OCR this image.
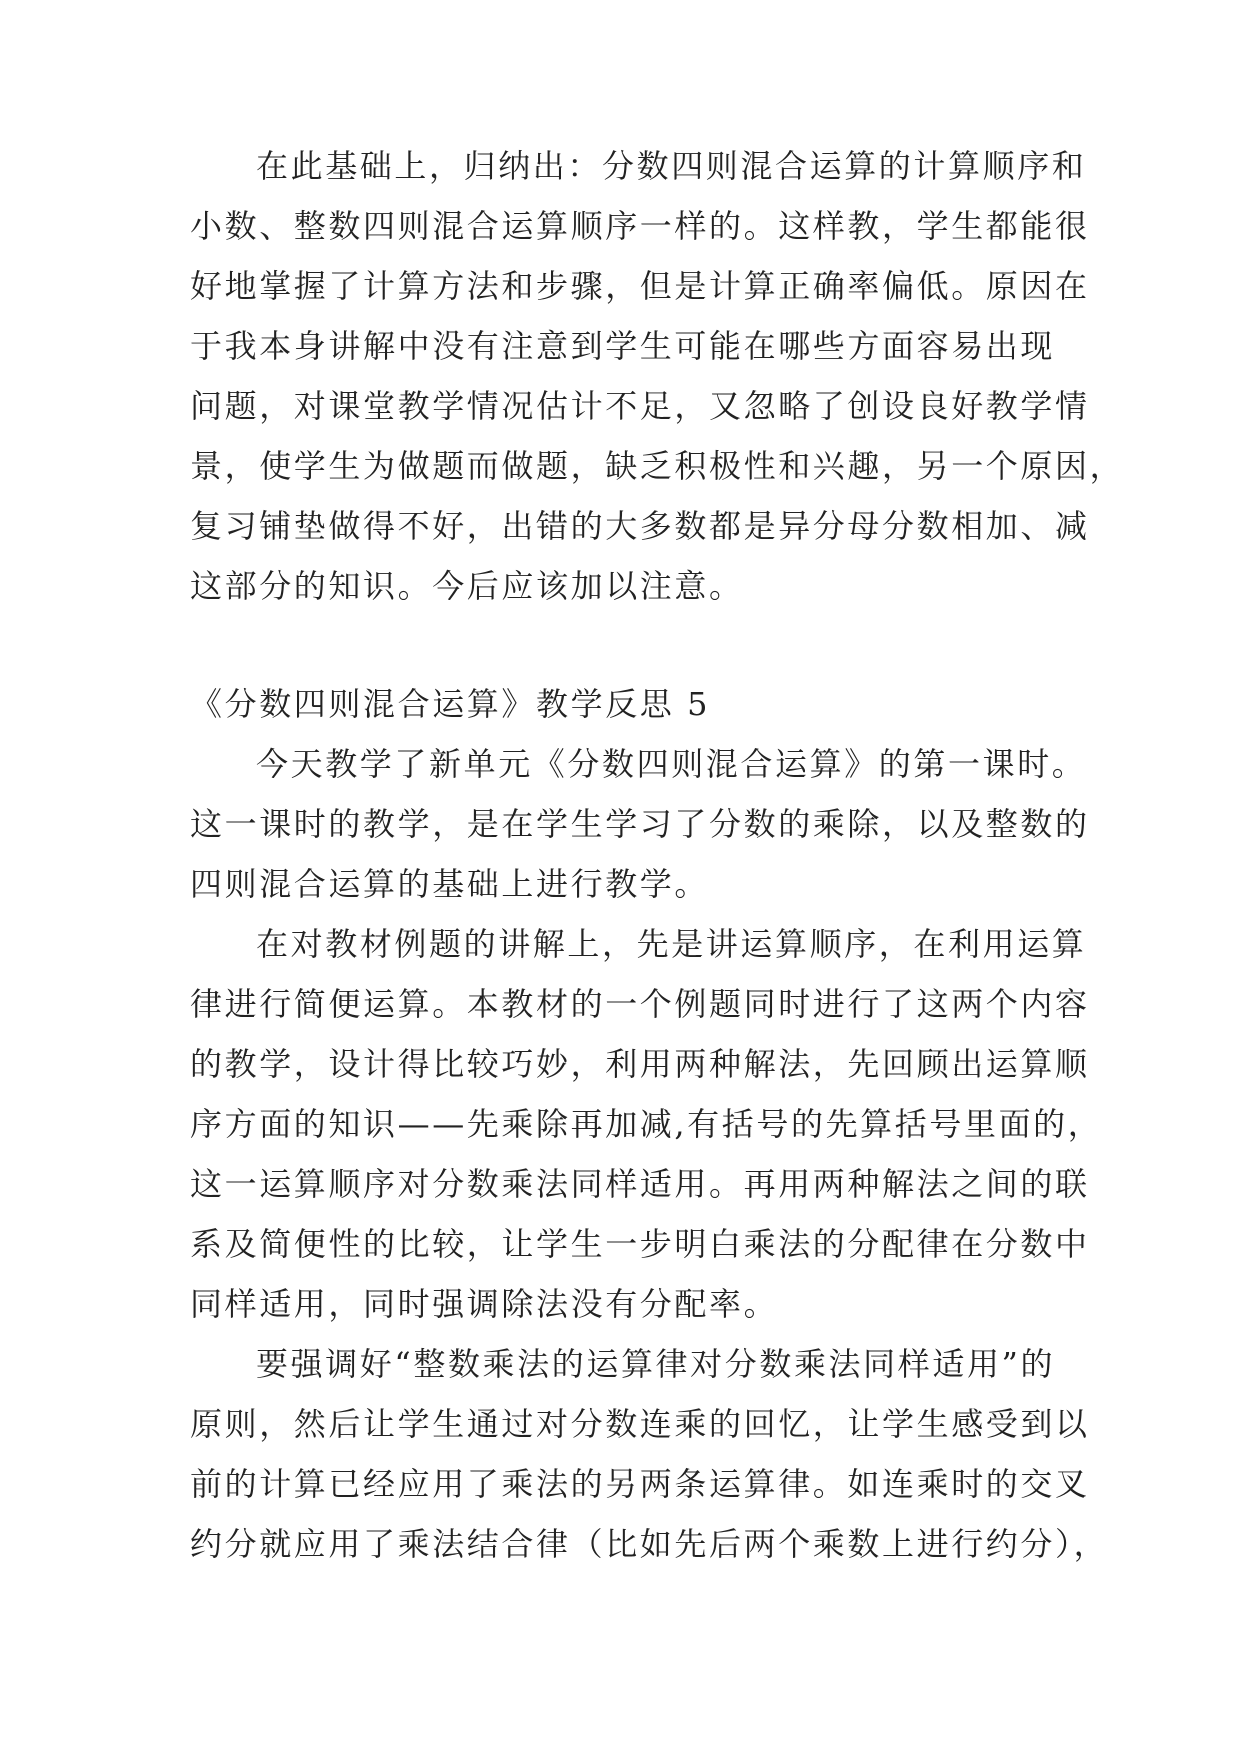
在此基础上，归纳出：分数四则混合运算的计算顺序和
小数、整数四则混合运算顺序一样的。这样教，学生都能很
好地掌握了计算方法和步骤，但是计算正确率偏低。原因在
于我本身讲解中没有注意到学生可能在哪些方面容易出现
问题，对课堂教学情况估计不足，又忽略了创设良好教学情
景，使学生为做题而做题，缺乏积极性和兴趣，另一个原因，
复习铺垫做得不好，出错的大多数都是异分母分数相加、减
这部分的知识。今后应该加以注意。
《分数四则混合运算》教学反思 5
今天教学了新单元《分数四则混合运算》的第一课时。
这一课时的教学，是在学生学习了分数的乘除，以及整数的
四则混合运算的基础上进行教学。
在对教材例题的讲解上，先是讲运算顺序，在利用运算
律进行简便运算。本教材的一个例题同时进行了这两个内容
的教学，设计得比较巧妙，利用两种解法，先回顾出运算顺
序方面的知识——先乘除再加减,有括号的先算括号里面的，
这一运算顺序对分数乘法同样适用。再用两种解法之间的联
系及简便性的比较，让学生一步明白乘法的分配律在分数中
同样适用，同时强调除法没有分配率。
要强调好“整数乘法的运算律对分数乘法同样适用”的
原则，然后让学生通过对分数连乘的回忆，让学生感受到以
前的计算已经应用了乘法的另两条运算律。如连乘时的交叉
约分就应用了乘法结合律（比如先后两个乘数上进行约分），
